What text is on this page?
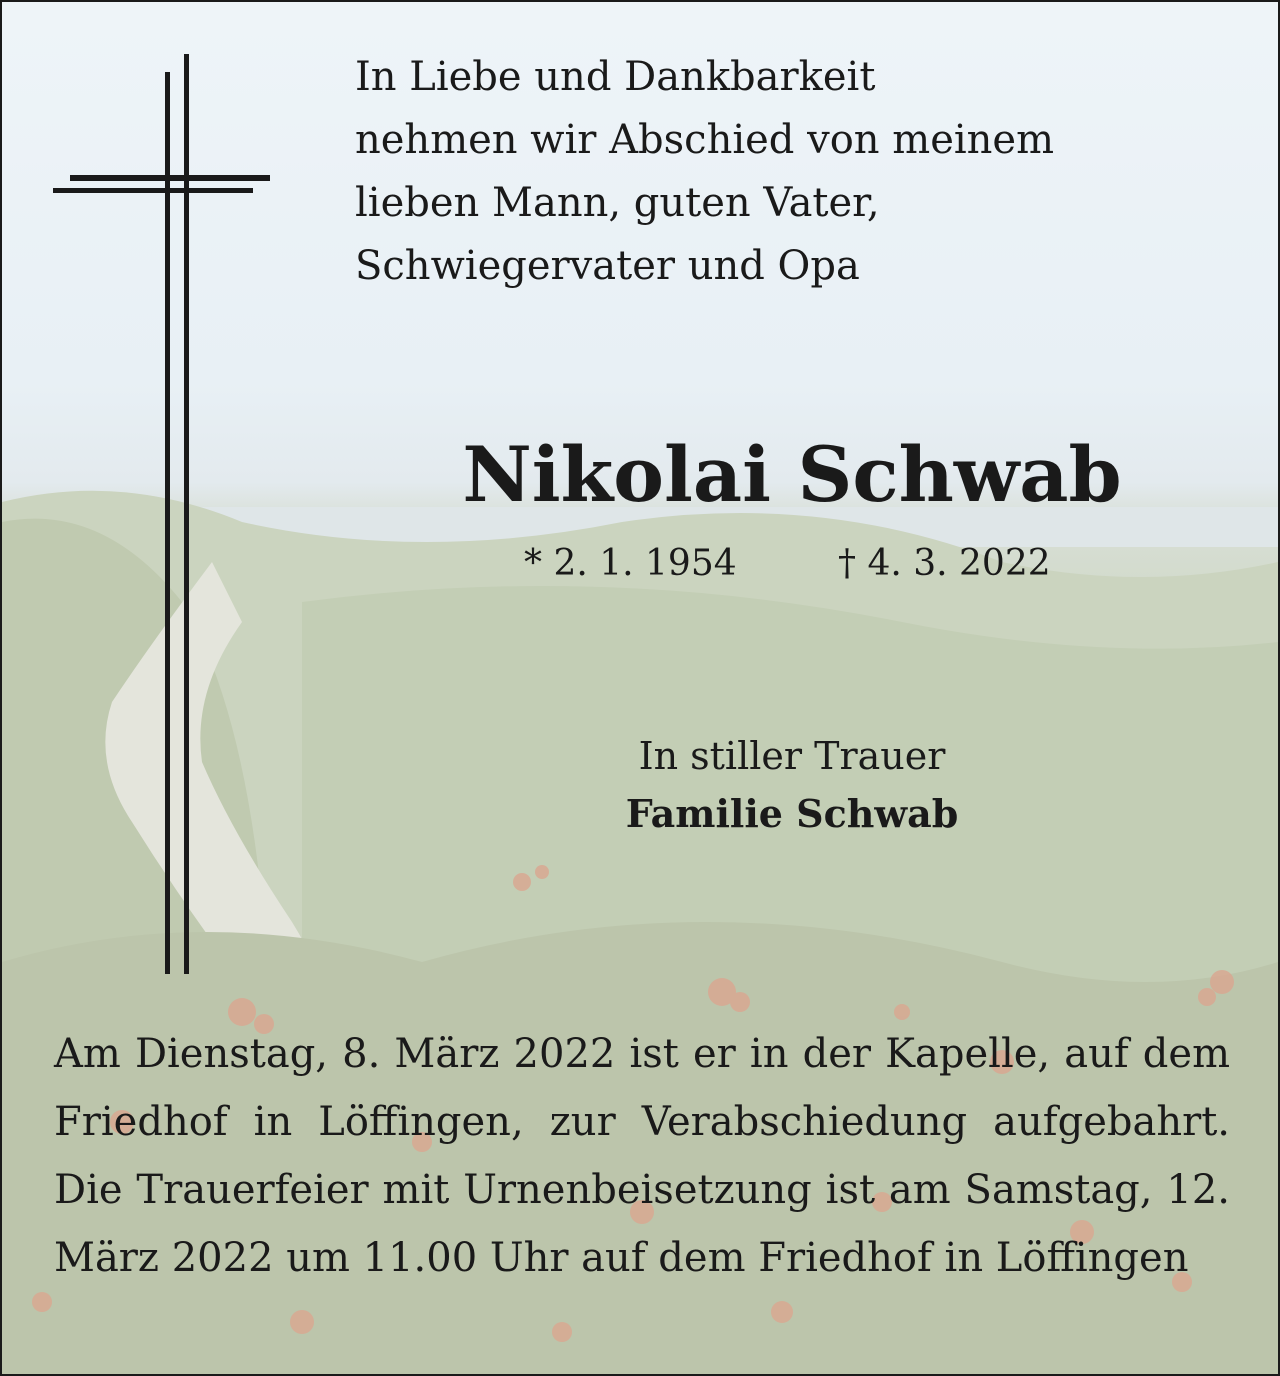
In Liebe und Dankbarkeit
nehmen wir Abschied von meinem
lieben Mann, guten Vater,
Schwiegervater und Opa
Nikolai Schwab
* 2. 1. 1954	† 4. 3. 2022
In stiller Trauer
Familie Schwab
Am Dienstag, 8. März 2022 ist er in der Kapelle, auf dem Friedhof in Löffingen, zur Verabschiedung aufgebahrt. Die Trauerfeier mit Urnenbeisetzung ist am Samstag, 12. März 2022 um 11.00 Uhr auf dem Friedhof in Löffingen
